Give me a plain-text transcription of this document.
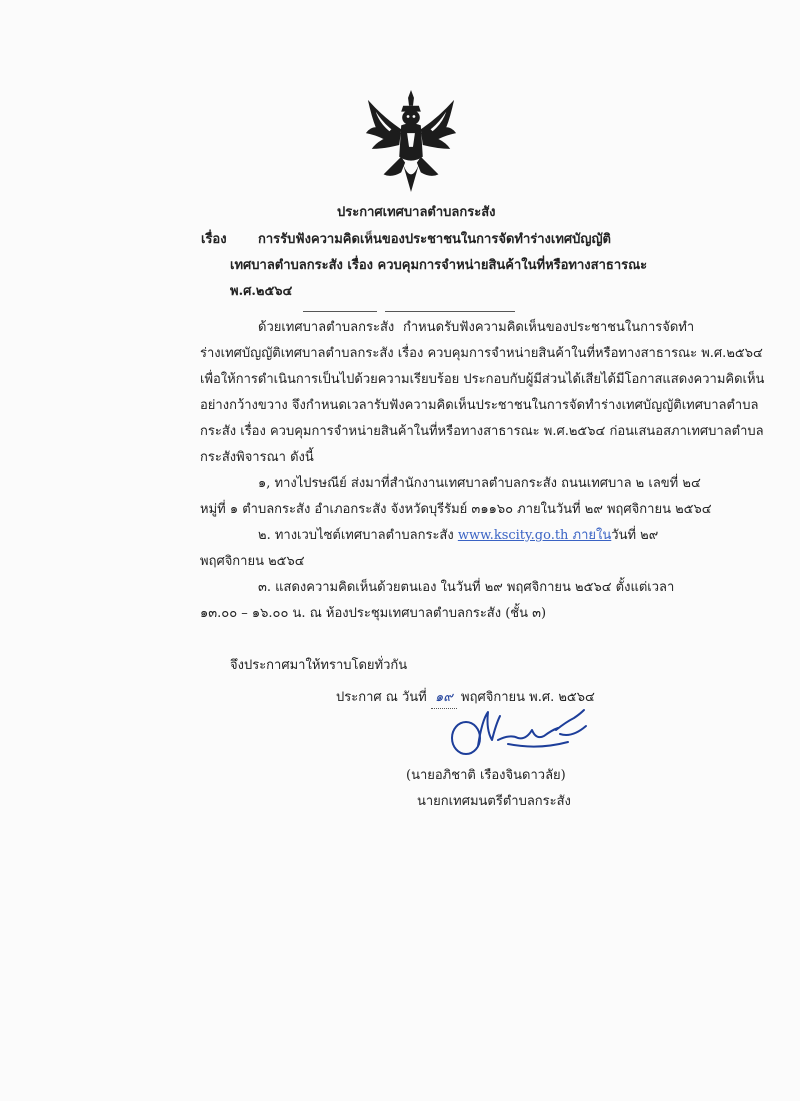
ประกาศเทศบาลตำบลกระสัง
เรื่อง การรับฟังความคิดเห็นของประชาชนในการจัดทำร่างเทศบัญญัติ
เทศบาลตำบลกระสัง เรื่อง ควบคุมการจำหน่ายสินค้าในที่หรือทางสาธารณะ
พ.ศ.๒๕๖๔
ด้วยเทศบาลตำบลกระสัง กำหนดรับฟังความคิดเห็นของประชาชนในการจัดทำ
ร่างเทศบัญญัติเทศบาลตำบลกระสัง เรื่อง ควบคุมการจำหน่ายสินค้าในที่หรือทางสาธารณะ พ.ศ.๒๕๖๔
เพื่อให้การดำเนินการเป็นไปด้วยความเรียบร้อย ประกอบกับผู้มีส่วนได้เสียได้มีโอกาสแสดงความคิดเห็น
อย่างกว้างขวาง จึงกำหนดเวลารับฟังความคิดเห็นประชาชนในการจัดทำร่างเทศบัญญัติเทศบาลตำบล
กระสัง เรื่อง ควบคุมการจำหน่ายสินค้าในที่หรือทางสาธารณะ พ.ศ.๒๕๖๔ ก่อนเสนอสภาเทศบาลตำบล
กระสังพิจารณา ดังนี้
๑, ทางไปรษณีย์ ส่งมาที่สำนักงานเทศบาลตำบลกระสัง ถนนเทศบาล ๒ เลขที่ ๒๔
หมู่ที่ ๑ ตำบลกระสัง อำเภอกระสัง จังหวัดบุรีรัมย์ ๓๑๑๖๐ ภายในวันที่ ๒๙ พฤศจิกายน ๒๕๖๔
๒. ทางเวบไซต์เทศบาลตำบลกระสัง www.kscity.go.th ภายในวันที่ ๒๙
พฤศจิกายน ๒๕๖๔
๓. แสดงความคิดเห็นด้วยตนเอง ในวันที่ ๒๙ พฤศจิกายน ๒๕๖๔ ตั้งแต่เวลา
๑๓.๐๐ – ๑๖.๐๐ น. ณ ห้องประชุมเทศบาลตำบลกระสัง (ชั้น ๓)
จึงประกาศมาให้ทราบโดยทั่วกัน
ประกาศ ณ วันที่ ๑๙ พฤศจิกายน พ.ศ. ๒๕๖๔
(นายอภิชาติ เรืองจินดาวลัย)
นายกเทศมนตรีตำบลกระสัง
